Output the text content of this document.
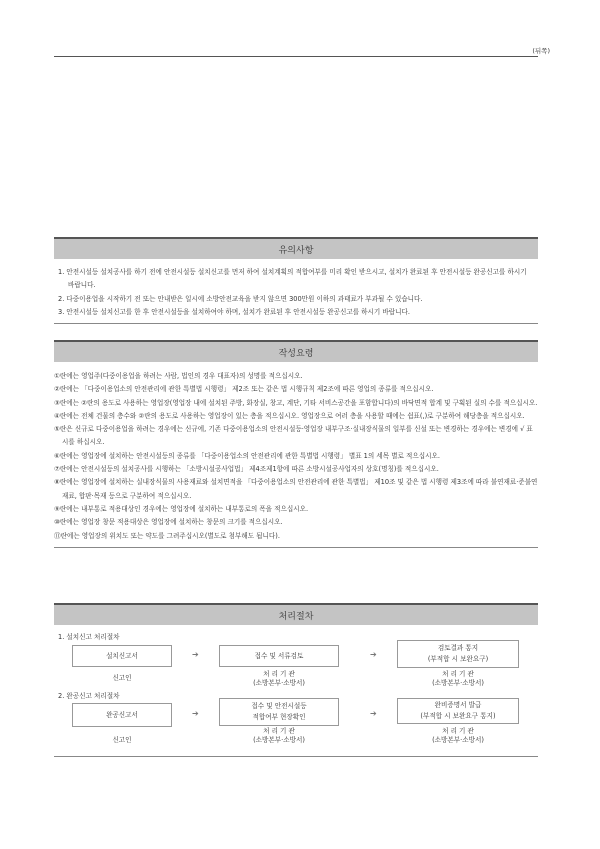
(뒤쪽)
유의사항
1. 안전시설등 설치공사를 하기 전에 안전시설등 설치신고를 먼저 하여 설치계획의 적합여부를 미리 확인 받으시고, 설치가 완료된 후 안전시설등 완공신고를 하시기 바랍니다.
2. 다중이용업을 시작하기 전 또는 안내받은 일시에 소방안전교육을 받지 않으면 300만원 이하의 과태료가 부과될 수 있습니다.
3. 안전시설등 설치신고를 한 후 안전시설등을 설치하여야 하며, 설치가 완료된 후 안전시설등 완공신고를 하시기 바랍니다.
작성요령
①란에는 영업주(다중이용업을 하려는 사람, 법인의 경우 대표자)의 성명를 적으십시오.
②란에는 「다중이용업소의 안전관리에 관한 특별법 시행령」 제2조 또는 같은 법 시행규칙 제2조에 따른 영업의 종류를 적으십시오.
③란에는 ②란의 용도로 사용하는 영업장(영업장 내에 설치된 주방, 화장실, 창고, 계단, 기타 서비스공간을 포함합니다)의 바닥면적 합계 및 구획된 실의 수를 적으십시오.
④란에는 전체 건물의 층수와 ②란의 용도로 사용하는 영업장이 있는 층을 적으십시오. 영업장으로 여러 층을 사용할 때에는 쉼표(,)로 구분하여 해당층을 적으십시오.
⑤란은 신규로 다중이용업을 하려는 경우에는 신규에, 기존 다중이용업소의 안전시설등·영업장 내부구조·실내장식물의 일부를 신설 또는 변경하는 경우에는 변경에 √ 표시를 하십시오.
⑥란에는 영업장에 설치하는 안전시설등의 종류를 「다중이용업소의 안전관리에 관한 특별법 시행령」 별표 1의 세목 별로 적으십시오.
⑦란에는 안전시설등의 설치공사를 시행하는 「소방시설공사업법」 제4조제1항에 따른 소방시설공사업자의 상호(명칭)를 적으십시오.
⑧란에는 영업장에 설치하는 실내장식물의 사용재료와 설치면적을 「다중이용업소의 안전관리에 관한 특별법」 제10조 및 같은 법 시행령 제3조에 따라 불연재료·준불연재료, 합판·목재 등으로 구분하여 적으십시오.
⑨란에는 내부통로 적용대상인 경우에는 영업장에 설치하는 내부통로의 폭을 적으십시오.
⑩란에는 영업장 창문 적용대상은 영업장에 설치하는 창문의 크기를 적으십시오.
⑪란에는 영업장의 위치도 또는 약도를 그려주십시오(별도로 첨부해도 됩니다).
처리절차
1. 설치신고 처리절차
설치신고서
신고인
➔	접수 및 서류검토
처 리 기 관
(소방본부·소방서)
➔
검토결과 통지
(부적합 시 보완요구)
처 리 기 관
(소방본부·소방서)
2. 완공신고 처리절차
완공신고서
신고인
➔
접수 및 안전시설등
적합여부 현장확인
처 리 기 관
(소방본부·소방서)
➔
완비증명서 발급
(부적합 시 보완요구 통지)
처 리 기 관
(소방본부·소방서)
